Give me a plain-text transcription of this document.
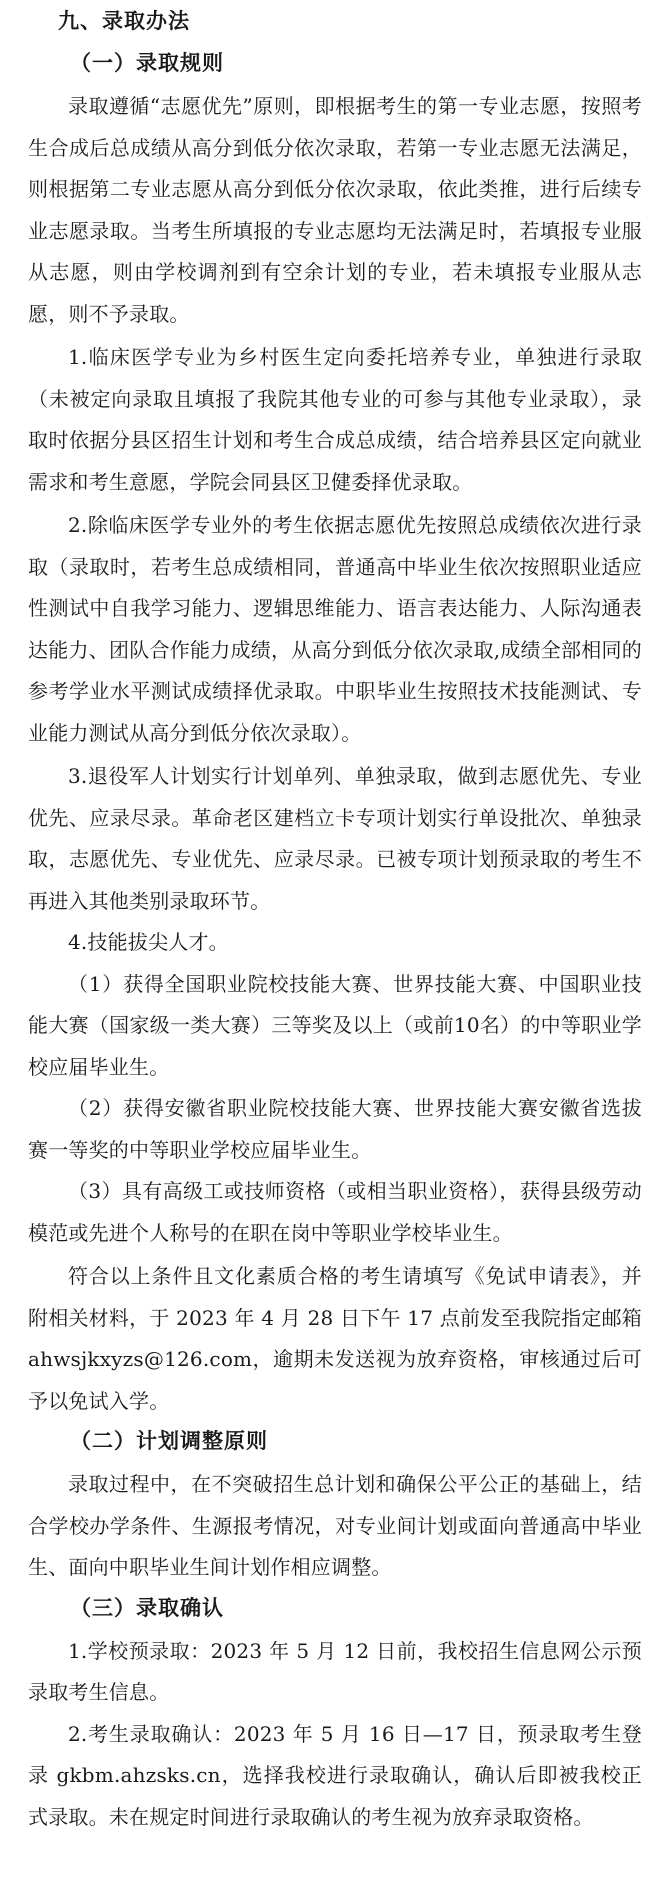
九、录取办法
（一）录取规则

录取遵循“志愿优先”原则，即根据考生的第一专业志愿，按照考生合成后总成绩从高分到低分依次录取，若第一专业志愿无法满足，则根据第二专业志愿从高分到低分依次录取，依此类推，进行后续专业志愿录取。当考生所填报的专业志愿均无法满足时，若填报专业服从志愿，则由学校调剂到有空余计划的专业，若未填报专业服从志愿，则不予录取。

1.临床医学专业为乡村医生定向委托培养专业，单独进行录取（未被定向录取且填报了我院其他专业的可参与其他专业录取），录取时依据分县区招生计划和考生合成总成绩，结合培养县区定向就业需求和考生意愿，学院会同县区卫健委择优录取。

2.除临床医学专业外的考生依据志愿优先按照总成绩依次进行录取（录取时，若考生总成绩相同，普通高中毕业生依次按照职业适应性测试中自我学习能力、逻辑思维能力、语言表达能力、人际沟通表达能力、团队合作能力成绩，从高分到低分依次录取,成绩全部相同的参考学业水平测试成绩择优录取。中职毕业生按照技术技能测试、专业能力测试从高分到低分依次录取）。

3.退役军人计划实行计划单列、单独录取，做到志愿优先、专业优先、应录尽录。革命老区建档立卡专项计划实行单设批次、单独录取，志愿优先、专业优先、应录尽录。已被专项计划预录取的考生不再进入其他类别录取环节。

4.技能拔尖人才。

（1）获得全国职业院校技能大赛、世界技能大赛、中国职业技能大赛（国家级一类大赛）三等奖及以上（或前10名）的中等职业学校应届毕业生。

（2）获得安徽省职业院校技能大赛、世界技能大赛安徽省选拔赛一等奖的中等职业学校应届毕业生。

（3）具有高级工或技师资格（或相当职业资格），获得县级劳动模范或先进个人称号的在职在岗中等职业学校毕业生。

符合以上条件且文化素质合格的考生请填写《免试申请表》，并附相关材料，于 2023 年 4 月 28 日下午 17 点前发至我院指定邮箱 ahwsjkxyzs@126.com，逾期未发送视为放弃资格，审核通过后可予以免试入学。

（二）计划调整原则

录取过程中，在不突破招生总计划和确保公平公正的基础上，结合学校办学条件、生源报考情况，对专业间计划或面向普通高中毕业生、面向中职毕业生间计划作相应调整。

（三）录取确认

1.学校预录取：2023 年 5 月 12 日前，我校招生信息网公示预录取考生信息。

2.考生录取确认：2023 年 5 月 16 日—17 日，预录取考生登录 gkbm.ahzsks.cn，选择我校进行录取确认，确认后即被我校正式录取。未在规定时间进行录取确认的考生视为放弃录取资格。
